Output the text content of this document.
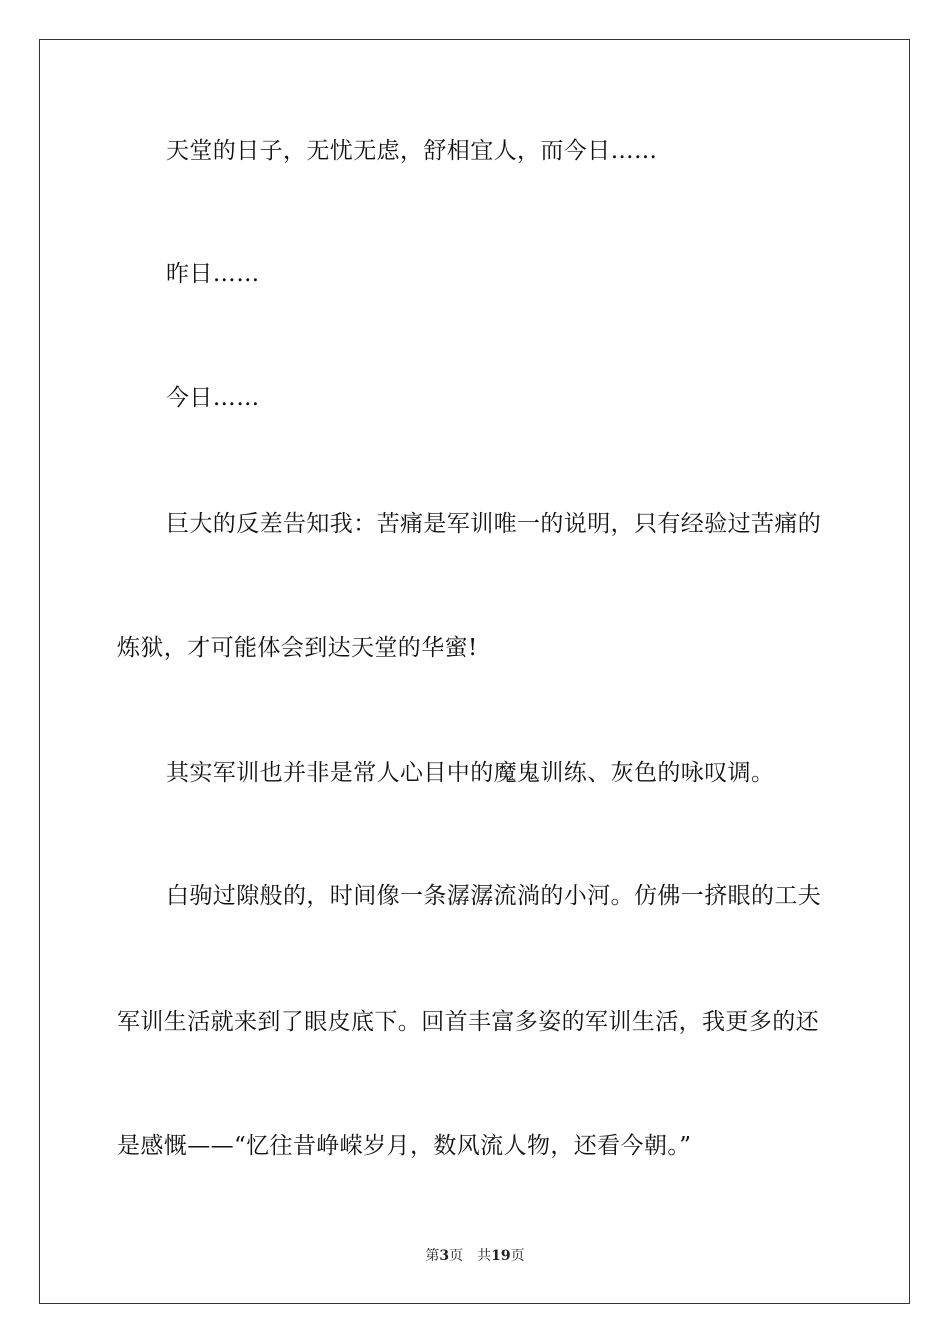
天堂的日子，无忧无虑，舒相宜人，而今日……
昨日……
今日……
巨大的反差告知我：苦痛是军训唯一的说明，只有经验过苦痛的
炼狱，才可能体会到达天堂的华蜜!
其实军训也并非是常人心目中的魔鬼训练、灰色的咏叹调。
白驹过隙般的，时间像一条潺潺流淌的小河。仿佛一挤眼的工夫
军训生活就来到了眼皮底下。回首丰富多姿的军训生活，我更多的还
是感慨——“忆往昔峥嵘岁月，数风流人物，还看今朝。”
第3页 共19页
